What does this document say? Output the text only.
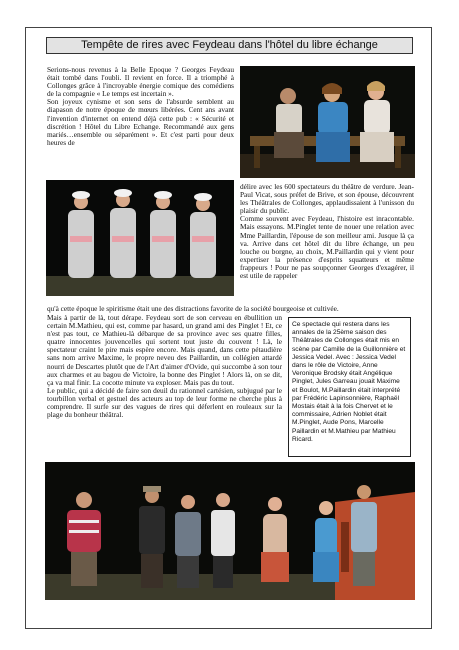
Tempête de rires avec Feydeau dans l'hôtel du libre échange

Serions-nous revenus à la Belle Epoque ? Georges Feydeau était tombé dans l'oubli. Il revient en force. Il a triomphé à Collonges grâce à l'incroyable énergie comique des comédiens de la compagnie « Le temps est incertain ».

Son joyeux cynisme et son sens de l'absurde semblent au diapason de notre époque de mœurs libérées. Cent ans avant l'invention d'internet on entend déjà cette pub : « Sécurité et discrétion ! Hôtel du Libre Echange. Recommandé aux gens mariés…ensemble ou séparément ». Et c'est parti pour deux heures de

délire avec les 600 spectateurs du théâtre de verdure. Jean-Paul Vicat, sous préfet de Brive, et son épouse, découvrent les Théâtrales de Collonges, applaudissaient à l'unisson du plaisir du public.

Comme souvent avec Feydeau, l'histoire est inracontable. Mais essayons. M.Pinglet tente de nouer une relation avec Mme Paillardin, l'épouse de son meilleur ami. Jusque là ça va. Arrive dans cet hôtel dit du libre échange, un peu louche ou borgne, au choix, M.Paillardin qui y vient pour expertiser la présence d'esprits squatteurs et même frappeurs ! Pour ne pas soupçonner Georges d'exagérer, il est utile de rappeler

qu'à cette époque le spiritisme était une des distractions favorite de la société bourgeoise et cultivée.

Mais à partir de là, tout dérape. Feydeau sort de son cerveau en ébullition un certain M.Mathieu, qui est, comme par hasard, un grand ami des Pinglet ! Et, ce n'est pas tout, ce Mathieu-là débarque de sa province avec ses quatre filles, quatre innocentes jouvencelles qui sortent tout juste du couvent ! Là, le spectateur craint le pire mais espère encore. Mais quand, dans cette pétaudière sans nom arrive Maxime, le propre neveu des Paillardin, un collégien attardé nourri de Descartes plutôt que de l'Art d'aimer d'Ovide, qui succombe à son tour aux charmes et au bagou de Victoire, la bonne des Pinglet ! Alors là, on se dit, ça va mal finir. La cocotte minute va exploser. Mais pas du tout.

Le public, qui a décidé de faire son deuil du rationnel cartésien, subjugué par le tourbillon verbal et gestuel des acteurs au top de leur forme ne cherche plus à comprendre. Il surfe sur des vagues de rires qui déferlent en rouleaux sur la plage du bonheur théâtral.

Ce spectacle qui restera dans les annales de la 25ème saison des Théâtrales de Collonges était mis en scène par Camille de la Guillonnière et Jessica Vedel. Avec : Jessica Vedel dans le rôle de Victoire, Anne Veronique Brodsky était Angélique Pinglet, Jules Garreau jouait Maxime et Boulot, M.Paillardin était interprété par Frédéric Lapinsonnière, Raphaël Mostais était à la fois Chervet et le commissaire, Adrien Noblet était M.Pinglet, Aude Pons, Marcelle Paillardin et M.Mathieu par Mathieu Ricard.
